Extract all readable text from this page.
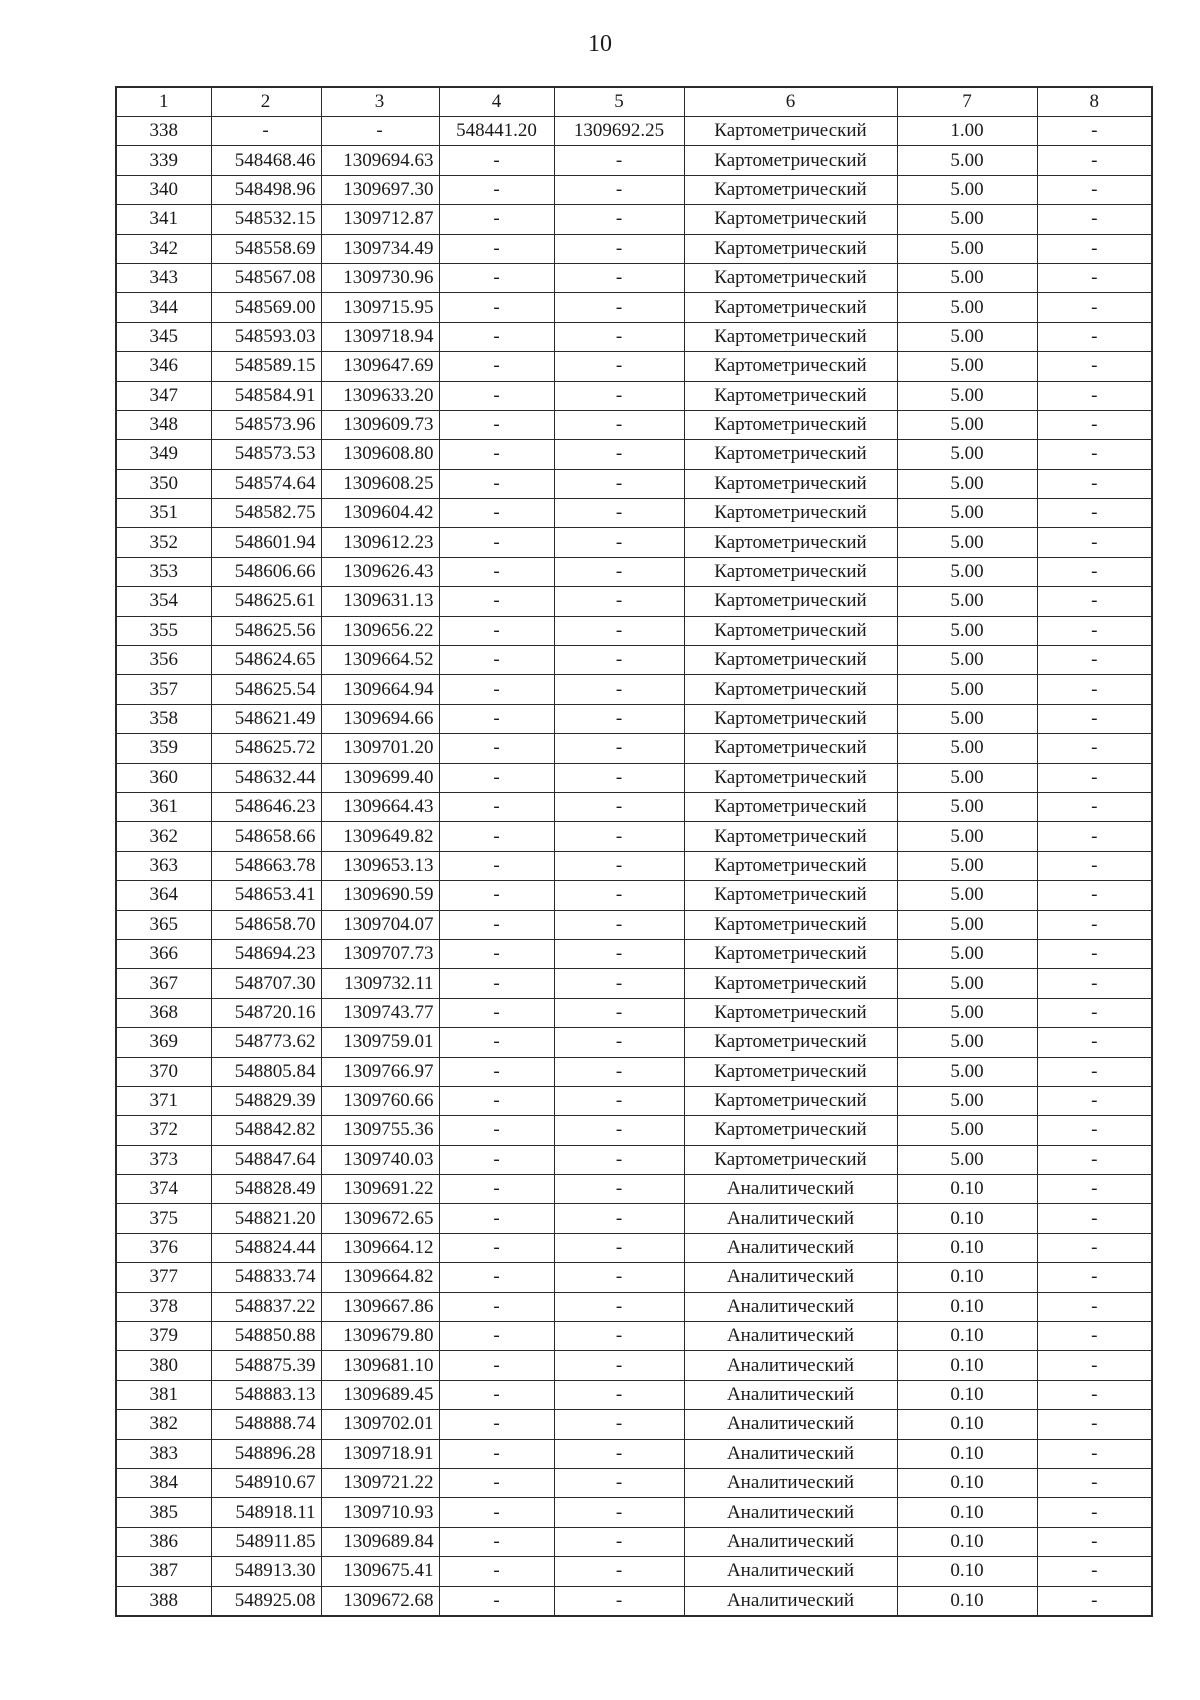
10
1	2	3	4	5	6	7	8
338	-	-	548441.20	1309692.25	Картометрический	1.00	-
339	548468.46	1309694.63	-	-	Картометрический	5.00	-
340	548498.96	1309697.30	-	-	Картометрический	5.00	-
341	548532.15	1309712.87	-	-	Картометрический	5.00	-
342	548558.69	1309734.49	-	-	Картометрический	5.00	-
343	548567.08	1309730.96	-	-	Картометрический	5.00	-
344	548569.00	1309715.95	-	-	Картометрический	5.00	-
345	548593.03	1309718.94	-	-	Картометрический	5.00	-
346	548589.15	1309647.69	-	-	Картометрический	5.00	-
347	548584.91	1309633.20	-	-	Картометрический	5.00	-
348	548573.96	1309609.73	-	-	Картометрический	5.00	-
349	548573.53	1309608.80	-	-	Картометрический	5.00	-
350	548574.64	1309608.25	-	-	Картометрический	5.00	-
351	548582.75	1309604.42	-	-	Картометрический	5.00	-
352	548601.94	1309612.23	-	-	Картометрический	5.00	-
353	548606.66	1309626.43	-	-	Картометрический	5.00	-
354	548625.61	1309631.13	-	-	Картометрический	5.00	-
355	548625.56	1309656.22	-	-	Картометрический	5.00	-
356	548624.65	1309664.52	-	-	Картометрический	5.00	-
357	548625.54	1309664.94	-	-	Картометрический	5.00	-
358	548621.49	1309694.66	-	-	Картометрический	5.00	-
359	548625.72	1309701.20	-	-	Картометрический	5.00	-
360	548632.44	1309699.40	-	-	Картометрический	5.00	-
361	548646.23	1309664.43	-	-	Картометрический	5.00	-
362	548658.66	1309649.82	-	-	Картометрический	5.00	-
363	548663.78	1309653.13	-	-	Картометрический	5.00	-
364	548653.41	1309690.59	-	-	Картометрический	5.00	-
365	548658.70	1309704.07	-	-	Картометрический	5.00	-
366	548694.23	1309707.73	-	-	Картометрический	5.00	-
367	548707.30	1309732.11	-	-	Картометрический	5.00	-
368	548720.16	1309743.77	-	-	Картометрический	5.00	-
369	548773.62	1309759.01	-	-	Картометрический	5.00	-
370	548805.84	1309766.97	-	-	Картометрический	5.00	-
371	548829.39	1309760.66	-	-	Картометрический	5.00	-
372	548842.82	1309755.36	-	-	Картометрический	5.00	-
373	548847.64	1309740.03	-	-	Картометрический	5.00	-
374	548828.49	1309691.22	-	-	Аналитический	0.10	-
375	548821.20	1309672.65	-	-	Аналитический	0.10	-
376	548824.44	1309664.12	-	-	Аналитический	0.10	-
377	548833.74	1309664.82	-	-	Аналитический	0.10	-
378	548837.22	1309667.86	-	-	Аналитический	0.10	-
379	548850.88	1309679.80	-	-	Аналитический	0.10	-
380	548875.39	1309681.10	-	-	Аналитический	0.10	-
381	548883.13	1309689.45	-	-	Аналитический	0.10	-
382	548888.74	1309702.01	-	-	Аналитический	0.10	-
383	548896.28	1309718.91	-	-	Аналитический	0.10	-
384	548910.67	1309721.22	-	-	Аналитический	0.10	-
385	548918.11	1309710.93	-	-	Аналитический	0.10	-
386	548911.85	1309689.84	-	-	Аналитический	0.10	-
387	548913.30	1309675.41	-	-	Аналитический	0.10	-
388	548925.08	1309672.68	-	-	Аналитический	0.10	-
